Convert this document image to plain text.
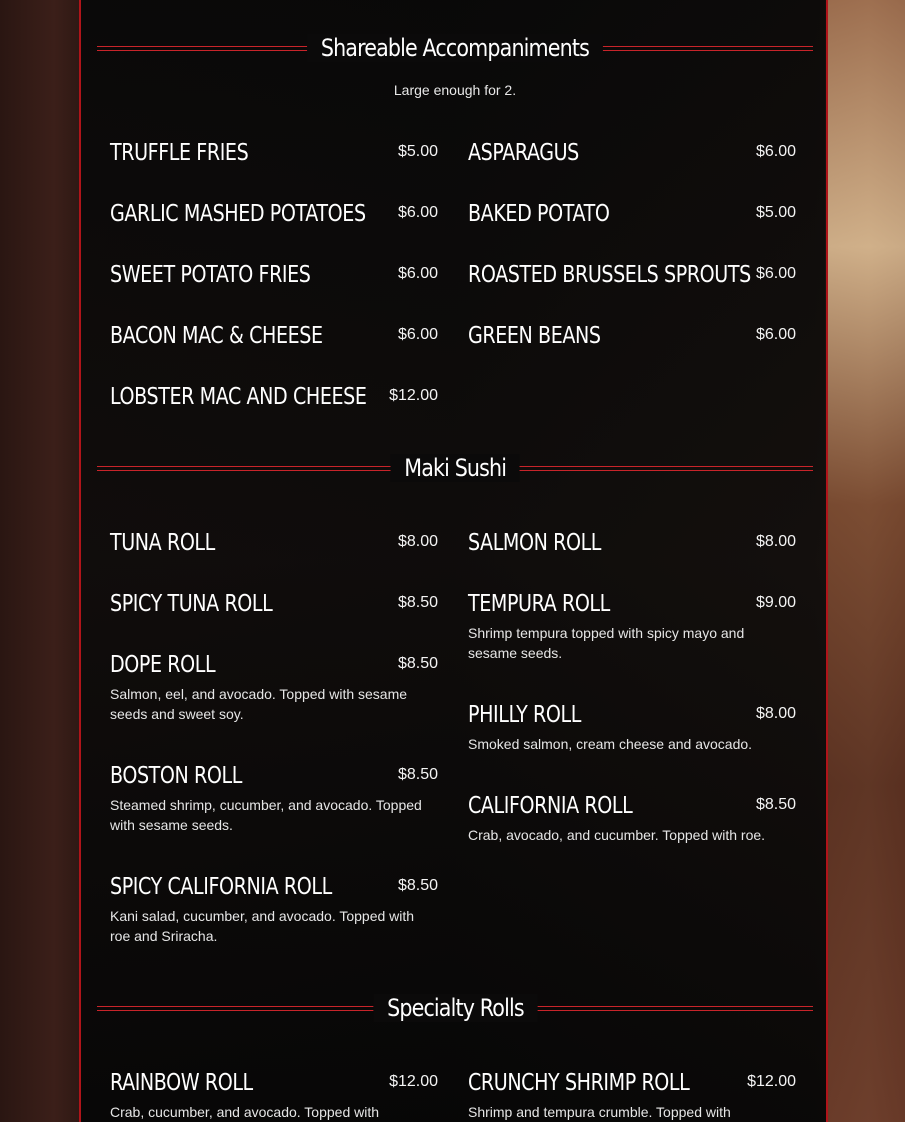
Shareable Accompaniments
Large enough for 2.
TRUFFLE FRIES	$5.00
GARLIC MASHED POTATOES $6.00
SWEET POTATO FRIES	$6.00
BACON MAC & CHEESE	$6.00
LOBSTER MAC AND CHEESE $12.00
ASPARAGUS	$6.00
BAKED POTATO	$5.00
ROASTED BRUSSELS SPROUTS $6.00
GREEN BEANS	$6.00
Maki Sushi
TUNA ROLL	$8.00
SPICY TUNA ROLL	$8.50
DOPE ROLL	$8.50
Salmon, eel, and avocado. Topped with sesame seeds and sweet soy.
BOSTON ROLL	$8.50
Steamed shrimp, cucumber, and avocado. Topped with sesame seeds.
SPICY CALIFORNIA ROLL	$8.50
Kani salad, cucumber, and avocado. Topped with roe and Sriracha.
SALMON ROLL	$8.00
TEMPURA ROLL	$9.00
Shrimp tempura topped with spicy mayo and sesame seeds.
PHILLY ROLL	$8.00
Smoked salmon, cream cheese and avocado.
CALIFORNIA ROLL	$8.50
Crab, avocado, and cucumber. Topped with roe.
Specialty Rolls
RAINBOW ROLL	$12.00
Crab, cucumber, and avocado. Topped with
CRUNCHY SHRIMP ROLL	$12.00
Shrimp and tempura crumble. Topped with
